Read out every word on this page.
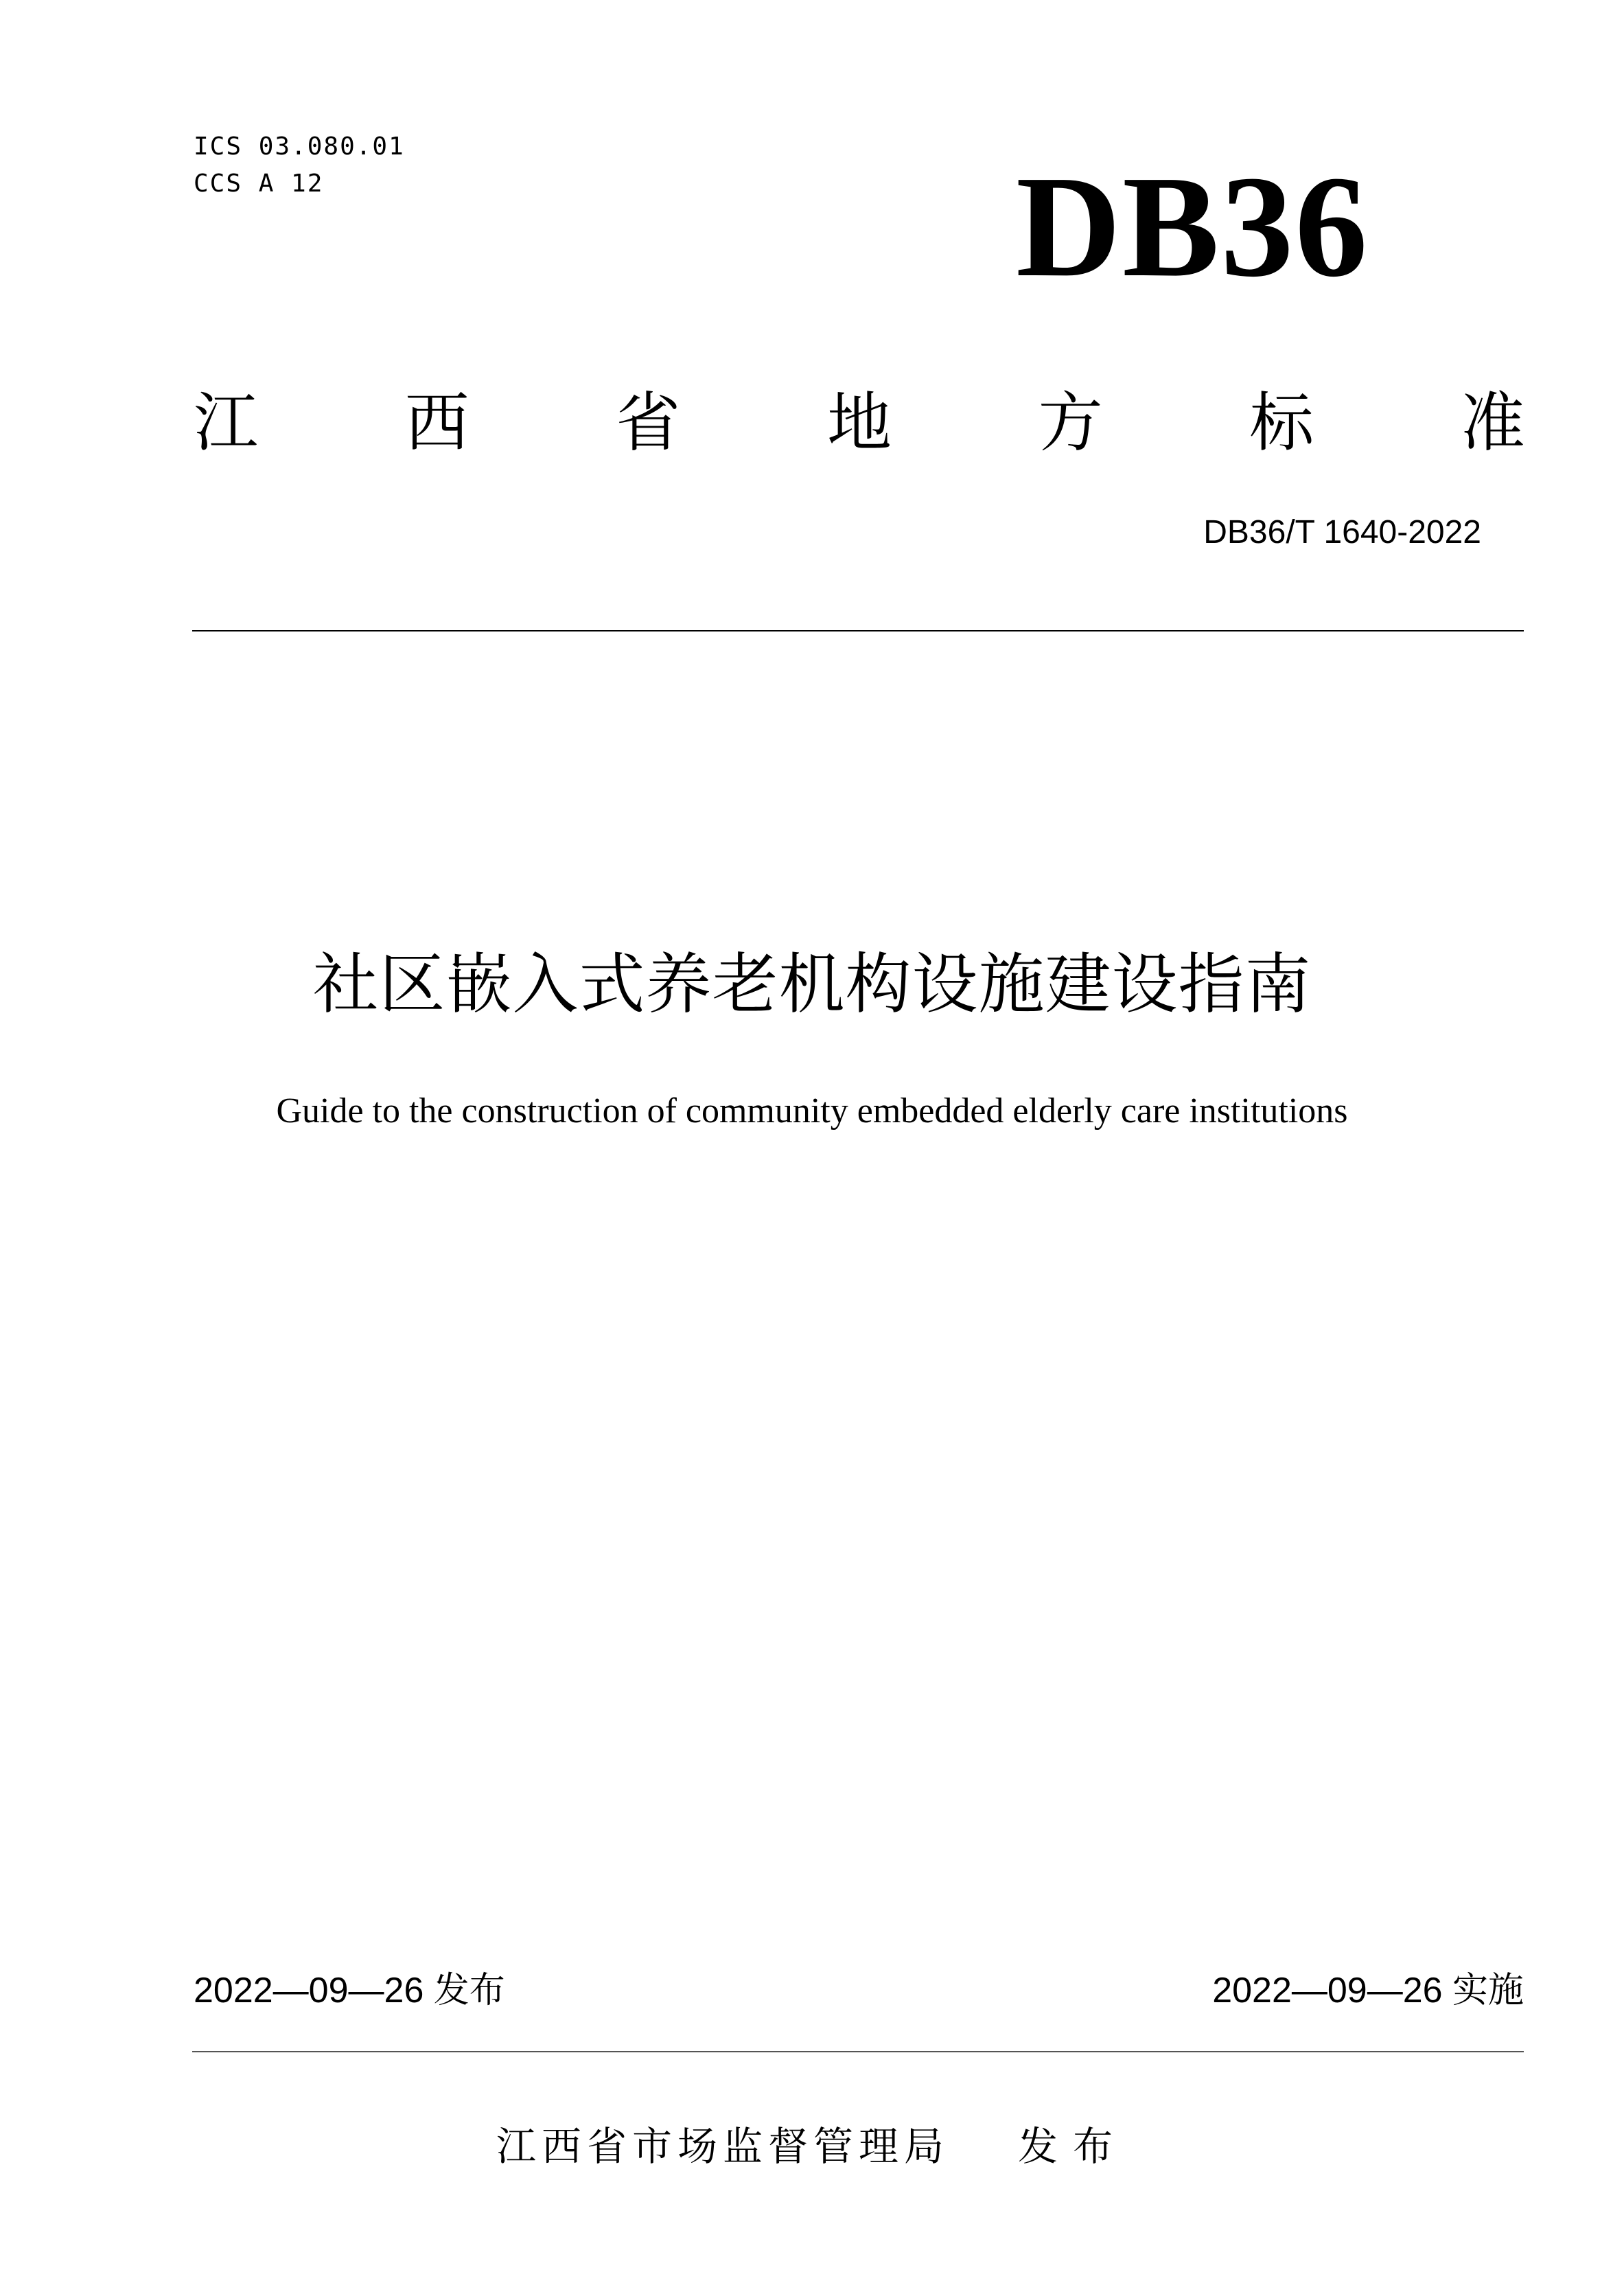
ICS 03.080.01
CCS A 12	DB36
江 西 省 地 方 标 准
DB36/T 1640-2022
社区嵌入式养老机构设施建设指南
Guide to the construction of community embedded elderly care institutions
2022—09—26 发布	2022—09—26 实施
江西省市场监督管理局 发布
